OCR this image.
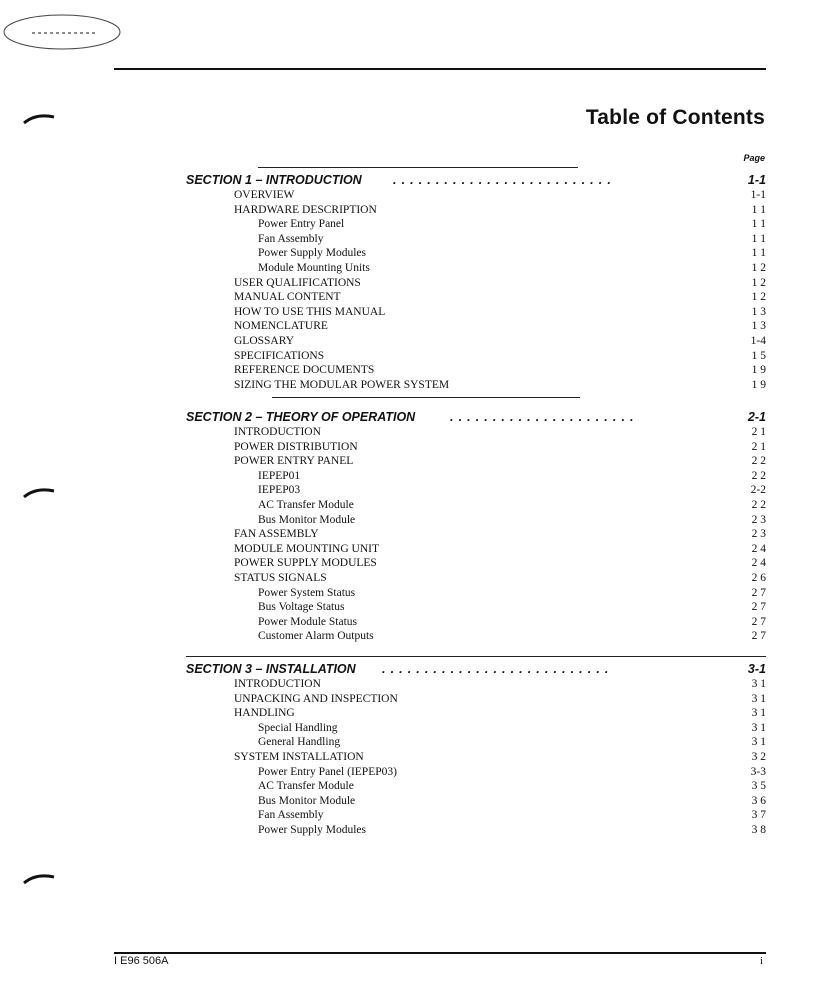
Table of Contents
Page
SECTION 1 – INTRODUCTION	..........................	1-1
OVERVIEW	1-1
HARDWARE DESCRIPTION	1 1
Power Entry Panel	1 1
Fan Assembly	1 1
Power Supply Modules	1 1
Module Mounting Units	1 2
USER QUALIFICATIONS	1 2
MANUAL CONTENT	1 2
HOW TO USE THIS MANUAL	1 3
NOMENCLATURE	1 3
GLOSSARY	1-4
SPECIFICATIONS	1 5
REFERENCE DOCUMENTS	1 9
SIZING THE MODULAR POWER SYSTEM	1 9
SECTION 2 – THEORY OF OPERATION	......................	2-1
INTRODUCTION	2 1
POWER DISTRIBUTION	2 1
POWER ENTRY PANEL	2 2
IEPEP01	2 2
IEPEP03	2-2
AC Transfer Module	2 2
Bus Monitor Module	2 3
FAN ASSEMBLY	2 3
MODULE MOUNTING UNIT	2 4
POWER SUPPLY MODULES	2 4
STATUS SIGNALS	2 6
Power System Status	2 7
Bus Voltage Status	2 7
Power Module Status	2 7
Customer Alarm Outputs	2 7
SECTION 3 – INSTALLATION ...........................	3-1
INTRODUCTION	3 1
UNPACKING AND INSPECTION	3 1
HANDLING	3 1
Special Handling	3 1
General Handling	3 1
SYSTEM INSTALLATION	3 2
Power Entry Panel (IEPEP03)	3-3
AC Transfer Module	3 5
Bus Monitor Module	3 6
Fan Assembly	3 7
Power Supply Modules	3 8
I E96 506A	i
